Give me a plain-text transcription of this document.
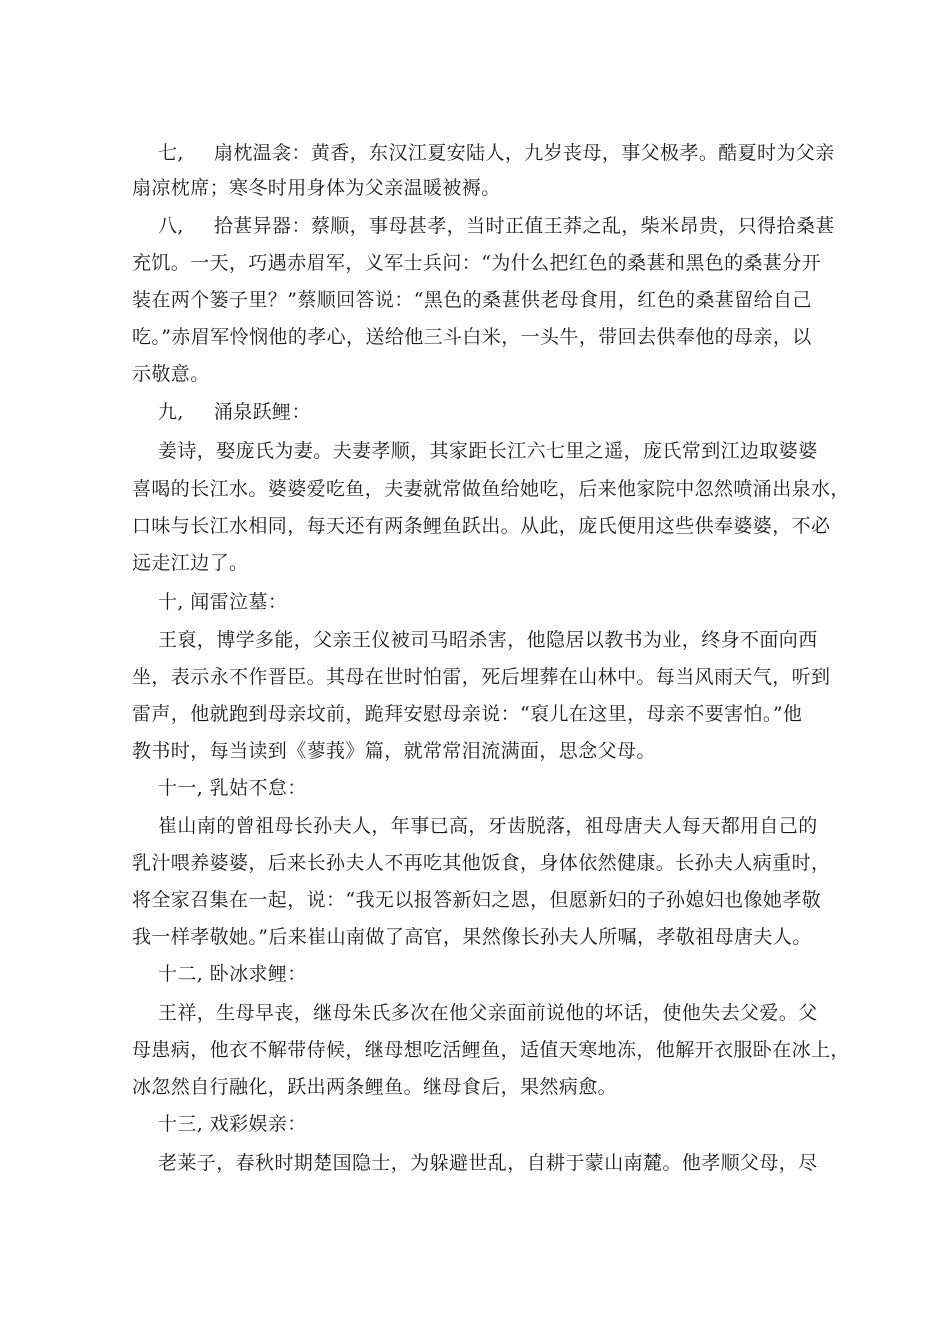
七, 扇枕温衾：黄香，东汉江夏安陆人，九岁丧母，事父极孝。酷夏时为父亲
扇凉枕席；寒冬时用身体为父亲温暖被褥。
八, 拾葚异器：蔡顺，事母甚孝，当时正值王莽之乱，柴米昂贵，只得拾桑葚
充饥。一天，巧遇赤眉军，义军士兵问：“为什么把红色的桑葚和黑色的桑葚分开
装在两个篓子里？”蔡顺回答说：“黑色的桑葚供老母食用，红色的桑葚留给自己
吃。”赤眉军怜悯他的孝心，送给他三斗白米，一头牛，带回去供奉他的母亲，以
示敬意。
九, 涌泉跃鲤：
姜诗，娶庞氏为妻。夫妻孝顺，其家距长江六七里之遥，庞氏常到江边取婆婆
喜喝的长江水。婆婆爱吃鱼，夫妻就常做鱼给她吃，后来他家院中忽然喷涌出泉水，
口味与长江水相同，每天还有两条鲤鱼跃出。从此，庞氏便用这些供奉婆婆，不必
远走江边了。
十, 闻雷泣墓：
王裒，博学多能，父亲王仪被司马昭杀害，他隐居以教书为业，终身不面向西
坐，表示永不作晋臣。其母在世时怕雷，死后埋葬在山林中。每当风雨天气，听到
雷声，他就跑到母亲坟前，跪拜安慰母亲说：“裒儿在这里，母亲不要害怕。”他
教书时，每当读到《蓼莪》篇，就常常泪流满面，思念父母。
十一, 乳姑不怠：
崔山南的曾祖母长孙夫人，年事已高，牙齿脱落，祖母唐夫人每天都用自己的
乳汁喂养婆婆，后来长孙夫人不再吃其他饭食，身体依然健康。长孙夫人病重时，
将全家召集在一起，说：“我无以报答新妇之恩，但愿新妇的子孙媳妇也像她孝敬
我一样孝敬她。”后来崔山南做了高官，果然像长孙夫人所嘱，孝敬祖母唐夫人。
十二, 卧冰求鲤：
王祥，生母早丧，继母朱氏多次在他父亲面前说他的坏话，使他失去父爱。父
母患病，他衣不解带侍候，继母想吃活鲤鱼，适值天寒地冻，他解开衣服卧在冰上，
冰忽然自行融化，跃出两条鲤鱼。继母食后，果然病愈。
十三, 戏彩娱亲：
老莱子，春秋时期楚国隐士，为躲避世乱，自耕于蒙山南麓。他孝顺父母，尽
